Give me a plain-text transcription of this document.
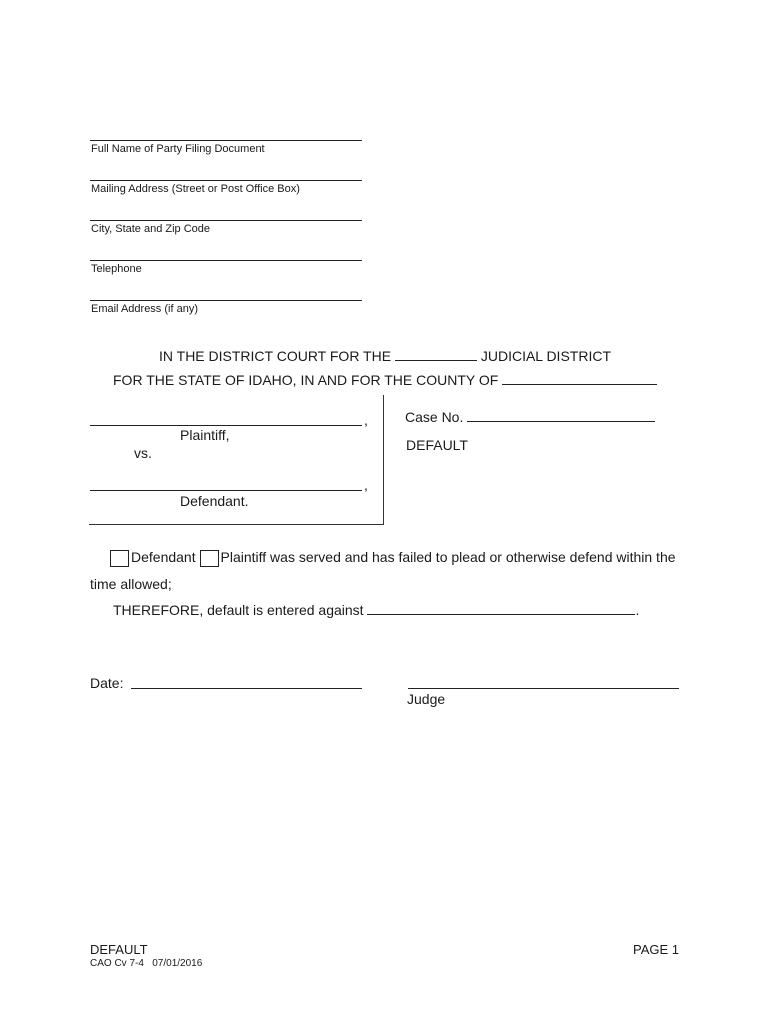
Full Name of Party Filing Document
Mailing Address (Street or Post Office Box)
City, State and Zip Code
Telephone
Email Address (if any)
IN THE DISTRICT COURT FOR THE	JUDICIAL DISTRICT
FOR THE STATE OF IDAHO, IN AND FOR THE COUNTY OF
,
Plaintiff,
vs.
,
Defendant.
Case No.
DEFAULT
Defendant Plaintiff was served and has failed to plead or otherwise defend within the
time allowed;
THEREFORE, default is entered against	.
Date:
Judge
DEFAULT
CAO Cv 7-4   07/01/2016
PAGE 1
